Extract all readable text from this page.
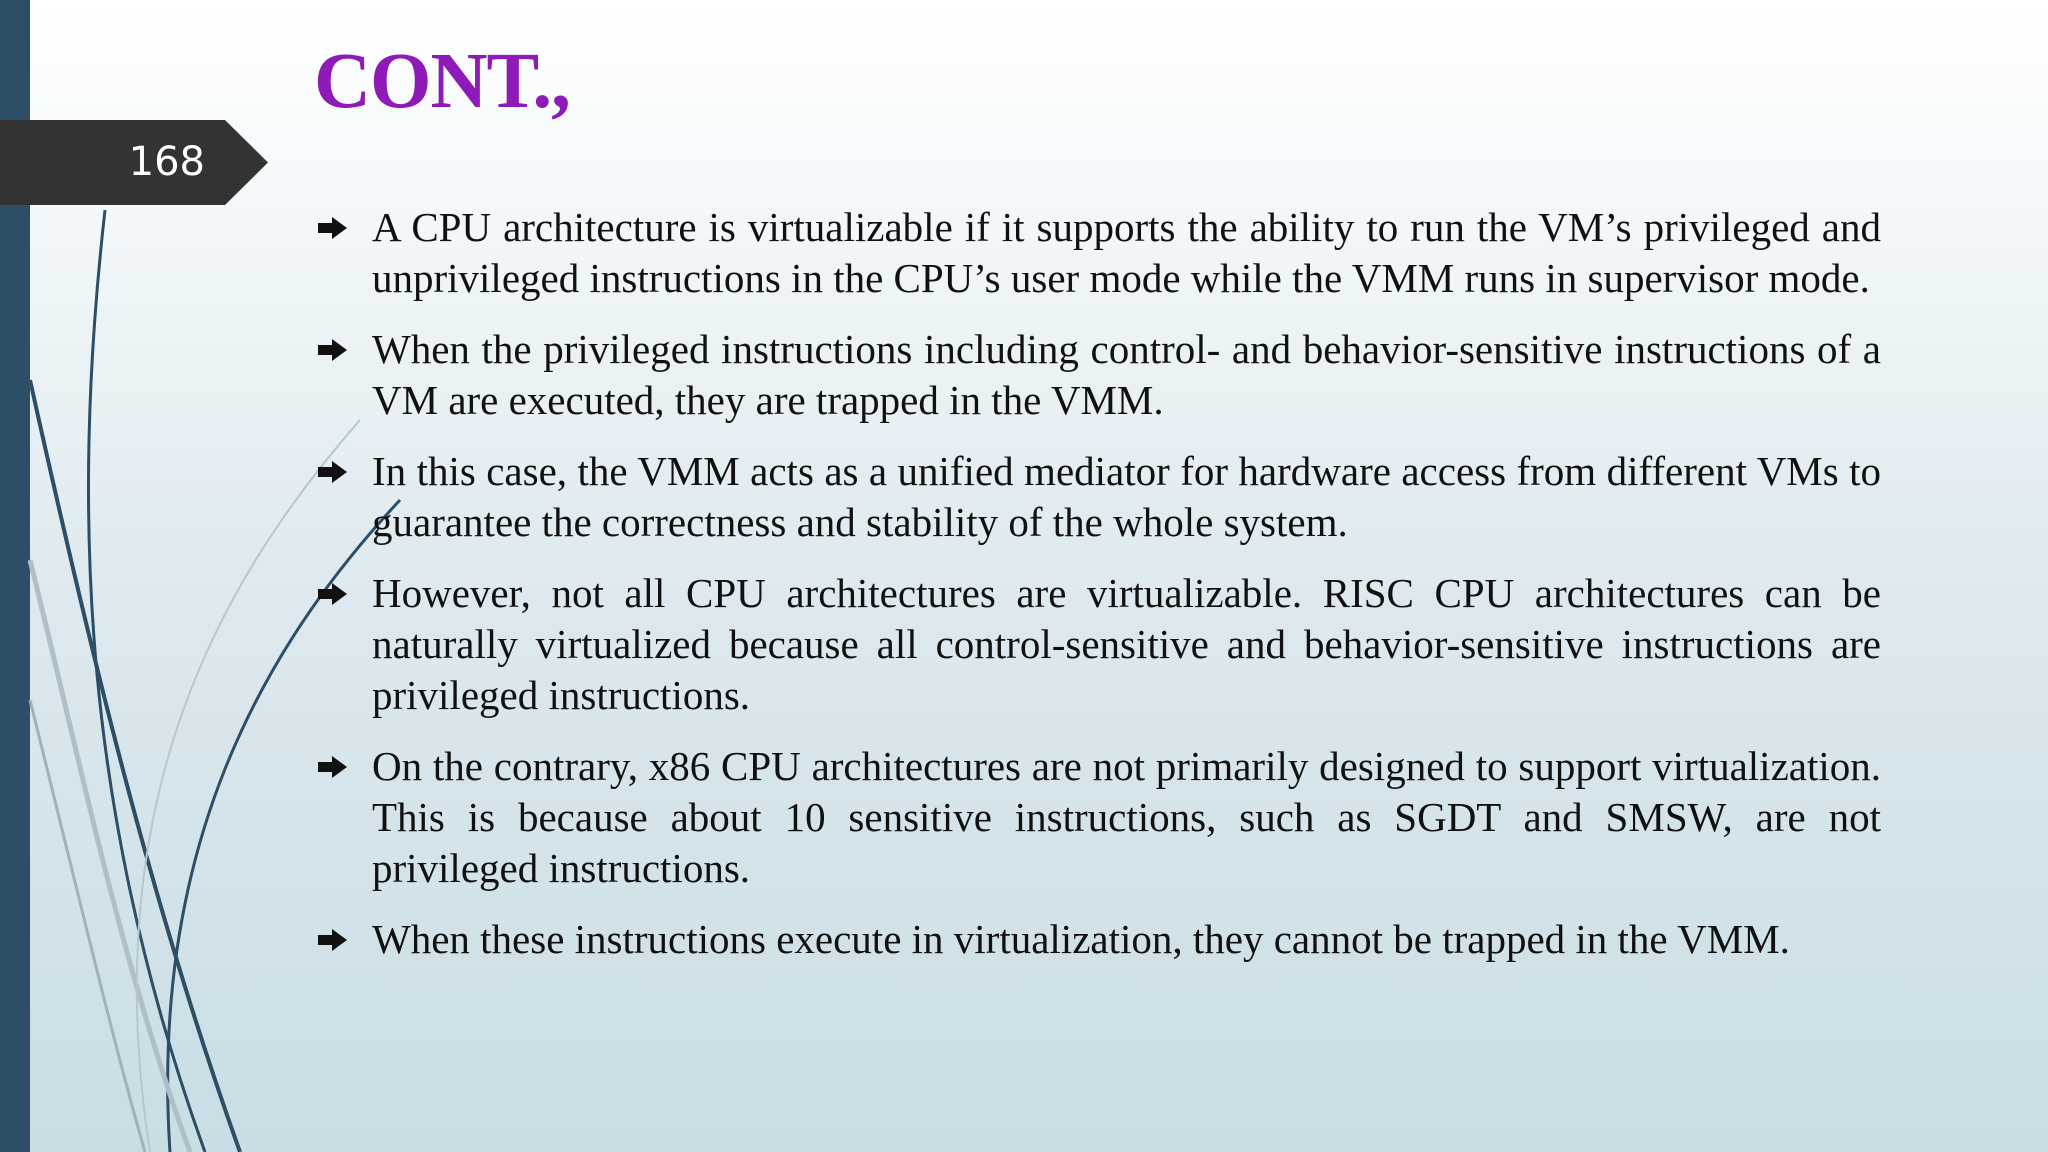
168
CONT.,
A CPU architecture is virtualizable if it supports the ability to run the VM’s privileged and unprivileged instructions in the CPU’s user mode while the VMM runs in supervisor mode.
When the privileged instructions including control- and behavior-sensitive instructions of a VM are executed, they are trapped in the VMM.
In this case, the VMM acts as a unified mediator for hardware access from different VMs to guarantee the correctness and stability of the whole system.
However, not all CPU architectures are virtualizable. RISC CPU architectures can be naturally virtualized because all control-sensitive and behavior-sensitive instructions are privileged instructions.
On the contrary, x86 CPU architectures are not primarily designed to support virtualization. This is because about 10 sensitive instructions, such as SGDT and SMSW, are not privileged instructions.
When these instructions execute in virtualization, they cannot be trapped in the VMM.
